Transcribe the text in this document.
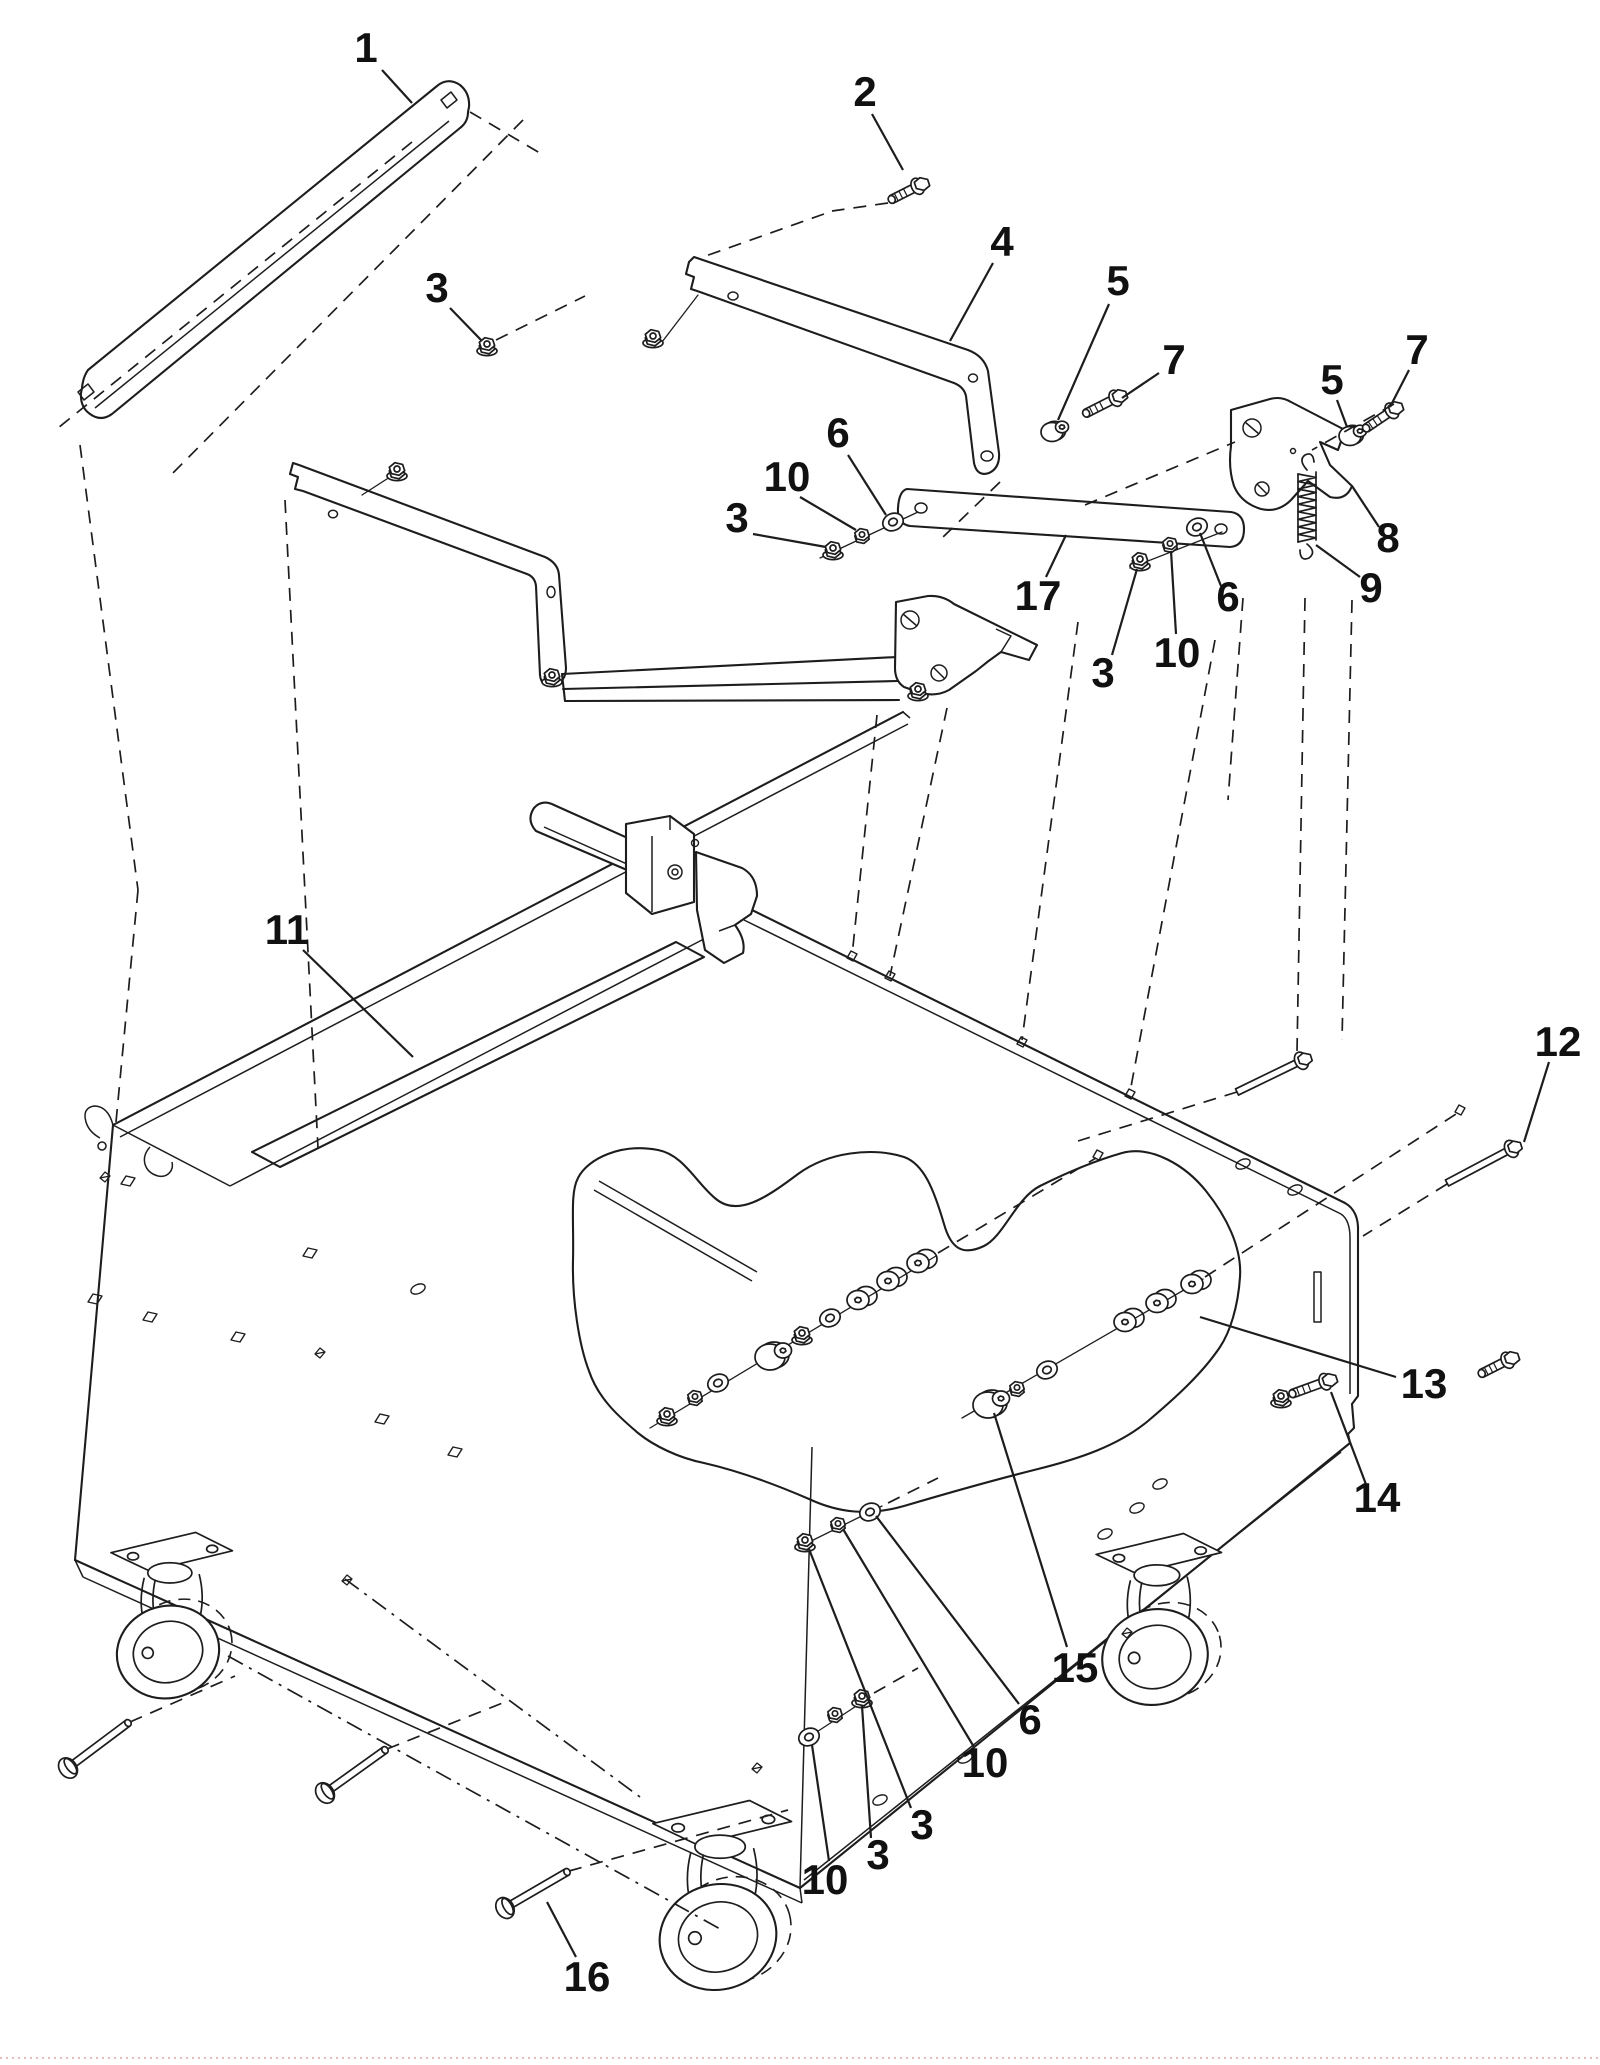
1
2
3
4
5
7
6
10
3
17
5
7
8
9
6
10
3
11
12
13
14
15
6
10
3
3
10
16
